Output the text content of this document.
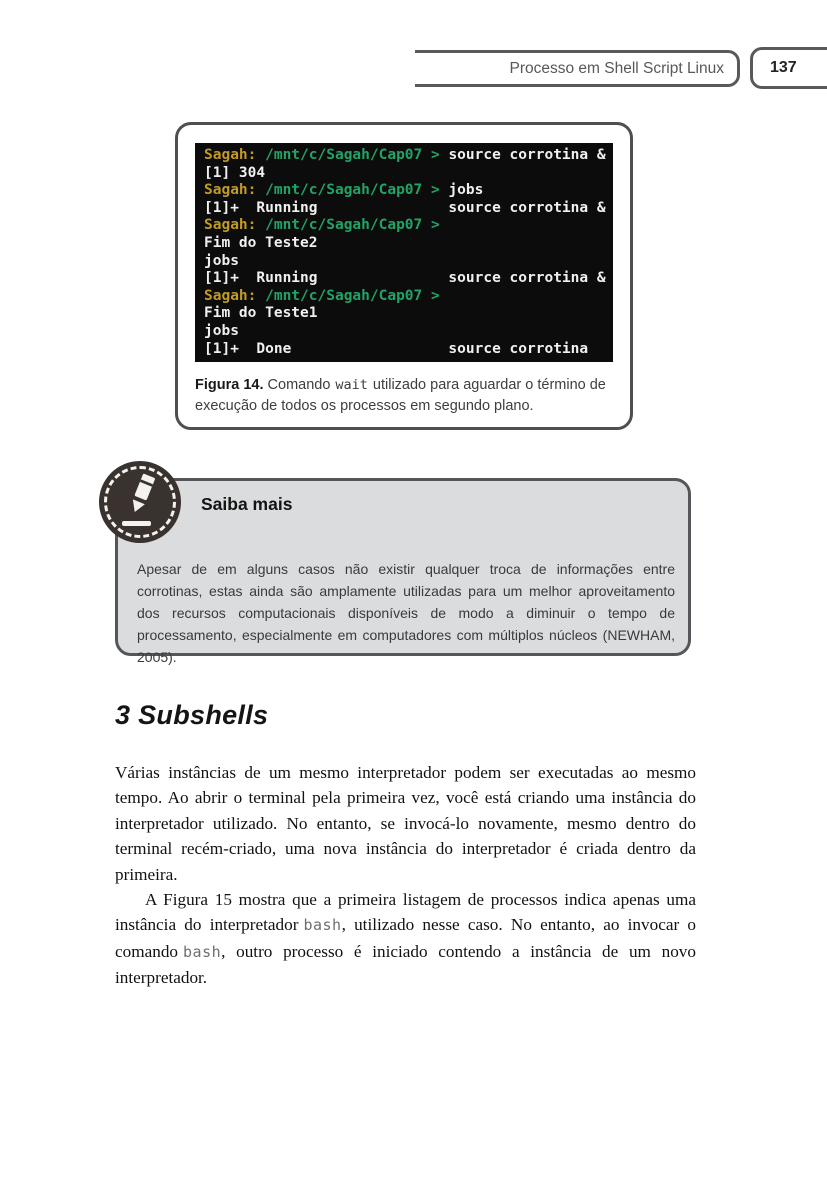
Processo em Shell Script Linux	137
Sagah: /mnt/c/Sagah/Cap07 > source corrotina &
[1] 304
Sagah: /mnt/c/Sagah/Cap07 > jobs
[1]+  Running               source corrotina &
Sagah: /mnt/c/Sagah/Cap07 >
Fim do Teste2
jobs
[1]+  Running               source corrotina &
Sagah: /mnt/c/Sagah/Cap07 >
Fim do Teste1
jobs
[1]+  Done                  source corrotina
Figura 14. Comando wait utilizado para aguardar o término de execução de todos os processos em segundo plano.
Saiba mais

Apesar de em alguns casos não existir qualquer troca de informações entre corrotinas, estas ainda são amplamente utilizadas para um melhor aproveitamento dos recursos computacionais disponíveis de modo a diminuir o tempo de processamento, especialmente em computadores com múltiplos núcleos (NEWHAM, 2005).

3 Subshells

Várias instâncias de um mesmo interpretador podem ser executadas ao mesmo tempo. Ao abrir o terminal pela primeira vez, você está criando uma instância do interpretador utilizado. No entanto, se invocá-lo novamente, mesmo dentro do terminal recém-criado, uma nova instância do interpretador é criada dentro da primeira.

A Figura 15 mostra que a primeira listagem de processos indica apenas uma instância do interpretador bash, utilizado nesse caso. No entanto, ao invocar o comando bash, outro processo é iniciado contendo a instância de um novo interpretador.
